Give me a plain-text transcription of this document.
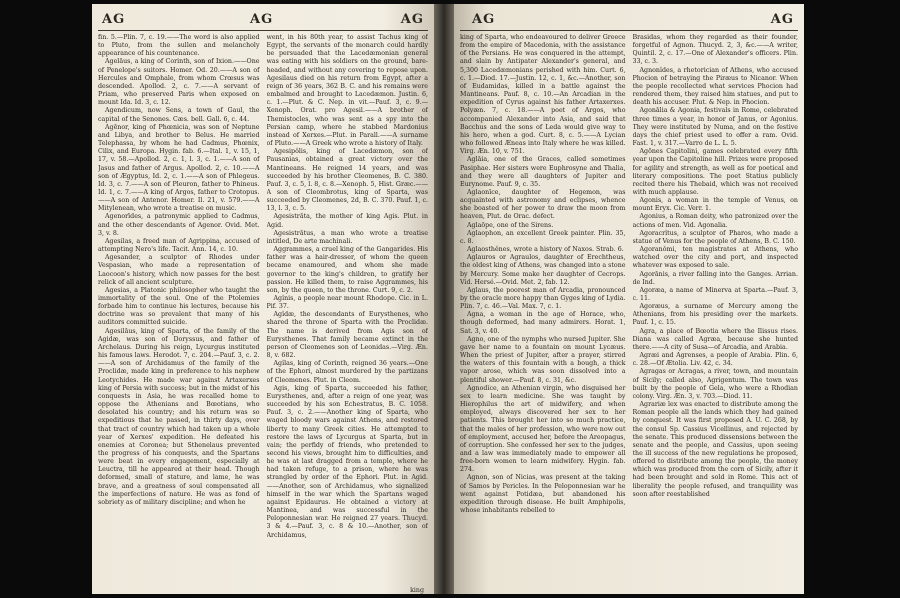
AG	AG	AG

fin. 5.—Plin. 7, c. 19.——The word is also applied to Pluto, from the sullen and melancholy appearance of his countenance.

Agelāus, a king of Corinth, son of Ixion.——One of Penelope's suitors. Homer. Od. 20.——A son of Hercules and Omphale, from whom Crœsus was descended. Apollod. 2, c. 7.——A servant of Priam, who preserved Paris when exposed on mount Ida. Id. 3, c. 12.

Agendicum, now Sens, a town of Gaul, the capital of the Senones. Cæs. bell. Gall. 6, c. 44.

Agēnor, king of Phœnicia, was son of Neptune and Libya, and brother to Belus. He married Telephassa, by whom he had Cadmus, Phœnix, Cilix, and Europa. Hygin. fab. 6.—Ital. 1, v. 15, 1, 17, v. 58.—Apollod. 2, c. 1, l. 3, c. 1.——A son of Jasus and father of Argus. Apollod. 2, c. 10.——A son of Ægyptus, Id. 2, c. 1.——A son of Phlegeus. Id. 3, c. 7.——A son of Pleuron, father to Phineus. Id. 1, c. 7.——A king of Argos, father to Crotopus.——A son of Antenor. Homer. Il. 21, v. 579.——A Mitylenean, who wrote a treatise on music.

Agenorīdes, a patronymic applied to Cadmus, and the other descendants of Agenor. Ovid. Met. 3, v. 8.

Agesilas, a freed man of Agrippina, accused of attempting Nero's life. Tacit. Ann. 14, c. 10.

Agesander, a sculptor of Rhodes under Vespasian, who made a representation of Laocoon's history, which now passes for the best relick of all ancient sculpture.

Agesias, a Platonic philosopher who taught the immortality of the soul. One of the Ptolemies forbade him to continue his lectures, because his doctrine was so prevalent that many of his auditors committed suicide.

Agesilāus, king of Sparta, of the family of the Agidæ, was son of Doryssus, and father of Archelaus. During his reign, Lycurgus instituted his famous laws. Herodot. 7, c. 204.—Pauf. 3, c. 2.——A son of Archidamus of the family of the Proclidæ, made king in preference to his nephew Leotychides. He made war against Artaxerxes king of Persia with success; but in the midst of his conquests in Asia, he was recalled home to oppose the Athenians and Bœotians, who desolated his country; and his return was so expeditious that he passed, in thirty days, over that tract of country which had taken up a whole year of Xerxes' expedition. He defeated his enemies at Coronea; but Sthenelaus prevented the progress of his conquests, and the Spartans were beat in every engagement, especially at Leuctra, till he appeared at their head. Though deformed, small of stature, and lame, he was brave, and a greatness of soul compensated all the imperfections of nature. He was as fond of sobriety as of military discipline; and when he

went, in his 80th year, to assist Tachus king of Egypt, the servants of the monarch could hardly be persuaded that the Lacedæmonian general was eating with his soldiers on the ground, bare-headed, and without any covering to repose upon. Agesilaus died on his return from Egypt, after a reign of 36 years, 362 B. C. and his remains were embalmed and brought to Lacedæmon. Justin. 6, c. 1.—Plut. & C. Nep. in vit.—Pauf. 3, c. 9.—Xenoph. Orat. pro Agesil.——A brother of Themistocles, who was sent as a spy into the Persian camp, where he stabbed Mardonius instead of Xerxes.—Plut. in Parall.——A surname of Pluto.——A Greek who wrote a history of Italy.

Agesipŏlis, king of Lacedæmon, son of Pausanias, obtained a great victory over the Mantineans. He reigned 14 years, and was succeeded by his brother Cleomenes, B. C. 380. Pauf. 3, c. 5, l. 8, c. 8.—Xenoph. 5, Hist. Græc.——A son of Cleombrotus, king of Sparta, was succeeded by Cleomenes, 2d, B. C. 370. Pauf. 1, c. 13, l. 3, c. 5.

Agesistrăta, the mother of king Agis. Plut. in Agid.

Agesistrătus, a man who wrote a treatise intitled, De arte machinali.

Aggrammes, a cruel king of the Gangarides. His father was a hair-dresser, of whom the queen became enamoured, and whom she made governor to the king's children, to gratify her passion. He killed them, to raise Aggrammes, his son, by the queen, to the throne. Curt. 9, c. 2.

Agĭnis, a people near mount Rhodope. Cic. in L. Pif. 37.

Agĭdæ, the descendants of Eurysthenes, who shared the throne of Sparta with the Proclidæ. The name is derived from Agis son of Eurysthenes. That family became extinct in the person of Cleomenes son of Leonidas.—Virg. Æn. 8, v. 682.

Agĭlas, king of Corinth, reigned 36 years.—One of the Ephori, almost murdered by the partizans of Cleomenes. Plut. in Cleom.

Agis, king of Sparta, succeeded his father, Eurysthenes, and, after a reign of one year, was succeeded by his son Echestratus, B. C. 1058. Pauf. 3, c. 2.——Another king of Sparta, who waged bloody wars against Athens, and restored liberty to many Greek cities. He attempted to restore the laws of Lycurgus at Sparta, but in vain; the perfidy of friends, who pretended to second his views, brought him to difficulties, and he was at last dragged from a temple, where he had taken refuge, to a prison, where he was strangled by order of the Ephori. Plut. in Agid.——Another, son of Archidamus, who signalized himself in the war which the Spartans waged against Epidaurus. He obtained a victory at Mantinea, and was successful in the Peloponnesian war. He reigned 27 years. Thucyd. 3 & 4.—Pauf. 3, c. 8 & 10.—Another, son of Archidamus,

king
AG	AG

king of Sparta, who endeavoured to deliver Greece from the empire of Macedonia, with the assistance of the Persians. He was conquered in the attempt, and slain by Antipater Alexander's general, and 5,300 Lacedæmonians perished with him. Curt. 6, c. 1.—Diod. 17.—Justin. 12, c. 1, &c.—Another, son of Eudamidas, killed in a battle against the Mantineans. Pauf. 8, c. 10.—An Arcadian in the expedition of Cyrus against his father Artaxerxes. Polyæn. 7, c. 18.——A poet of Argos, who accompanied Alexander into Asia, and said that Bacchus and the sons of Leda would give way to his hero, when a god. Curt. 8, c. 5.——A Lycian who followed Æneas into Italy where he was killed. Virg. Æn. 10, v. 751.

Aglāia, one of the Graces, called sometimes Pasiphae. Her sisters were Euphrosyne and Thalia, and they were all daughters of Jupiter and Eurynome. Pauf. 9, c. 35.

Aglaonīce, daughter of Hegemon, was acquainted with astronomy and eclipses, whence she boasted of her power to draw the moon from heaven, Plut. de Orac. defect.

Aglaōpe, one of the Sirens.

Aglaophon, an excellent Greek painter. Plin. 35, c. 8.

Aglaosthĕnes, wrote a history of Naxos. Strab. 6.

Aglauros or Agraulos, daughter of Erechtheus, the oldest king of Athens, was changed into a stone by Mercury. Some make her daughter of Cecrops. Vid. Hersé.—Ovid. Met. 2, fab. 12.

Aglaus, the poorest man of Arcadia, pronounced by the oracle more happy than Gyges king of Lydia. Plin. 7, c. 46.—Val. Max. 7, c. 1.

Agna, a woman in the age of Horace, who, though deformed, had many admirers. Horat. 1, Sat. 3, v. 40.

Agno, one of the nymphs who nursed Jupiter. She gave her name to a fountain on mount Lycæus. When the priest of Jupiter, after a prayer, stirred the waters of this fountain with a bough, a thick vapor arose, which was soon dissolved into a plentiful shower.—Pauf. 8, c. 31, &c.

Agnodĭce, an Athenian virgin, who disguised her sex to learn medicine. She was taught by Hierophilus the art of midwifery, and when employed, always discovered her sex to her patients. This brought her into so much practice, that the males of her profession, who were now out of employment, accused her, before the Areopagus, of corruption. She confessed her sex to the judges, and a law was immediately made to empower all free-born women to learn midwifery. Hygin. fab. 274.

Agnon, son of Nicias, was present at the taking of Samos by Pericles. In the Peloponnesian war he went against Potidæa, but abandoned his expedition through disease. He built Amphipolis, whose inhabitants rebelled to

Brasidas, whom they regarded as their founder, forgetful of Agnon. Thucyd. 2, 3, &c.——A writer, Quintil. 2, c. 17.—One of Alexander's officers. Plin. 33, c. 3.

Agnonĭdes, a rhetorician of Athens, who accused Phocion of betraying the Piræus to Nicanor. When the people recollected what services Phocion had rendered them, they raised him statues, and put to death his accuser. Plut. & Nep. in Phocion.

Agonālia & Agonia, festivals in Rome, celebrated three times a year, in honor of Janus, or Agonius. They were instituted by Numa, and on the festive days the chief priest used to offer a ram. Ovid. Fast. 1, v. 317.—Varro de L. L. 5.

Agōnes Capitolini, games celebrated every fifth year upon the Capitoline hill. Prizes were proposed for agility and strength, as well as for poetical and literary compositions. The poet Statius publicly recited there his Thebaid, which was not received with much applause.

Agonis, a woman in the temple of Venus, on mount Eryx. Cic. Verr. 1.

Agonius, a Roman deity, who patronized over the actions of men. Vid. Agonalia.

Agoracrĭtus, a sculptor of Pharos, who made a statue of Venus for the people of Athens, B. C. 150.

Agoranŏmi, ten magistrates at Athens, who watched over the city and port, and inspected whatever was exposed to sale.

Agorānis, a river falling into the Ganges. Arrian. de Ind.

Agoræa, a name of Minerva at Sparta.—Pauf. 3, c. 11.

Agoræus, a surname of Mercury among the Athenians, from his presiding over the markets. Pauf. 1, c. 15.

Agra, a place of Bœotia where the Ilissus rises. Diana was called Agræa, because she hunted there.——A city of Susa—of Arcadia, and Arabia.

Agræi and Agrenses, a people of Arabia. Plin. 6, c. 28.—Of Ætolia. Liv. 42, c. 34.

Agragas or Acragas, a river, town, and mountain of Sicily; called also, Agrigentum. The town was built by the people of Gela, who were a Rhodian colony. Virg. Æn. 3, v. 703.—Diod. 11.

Agrariæ lex was enacted to distribute among the Roman people all the lands which they had gained by conquest. It was first proposed A. U. C. 268, by the consul Sp. Cassius Vicellinus, and rejected by the senate. This produced dissensions between the senate and the people, and Cassius, upon seeing the ill success of the new regulations he proposed, offered to distribute among the people, the money which was produced from the corn of Sicily, after it had been brought and sold in Rome. This act of liberality the people refused, and tranquility was soon after reestablished
